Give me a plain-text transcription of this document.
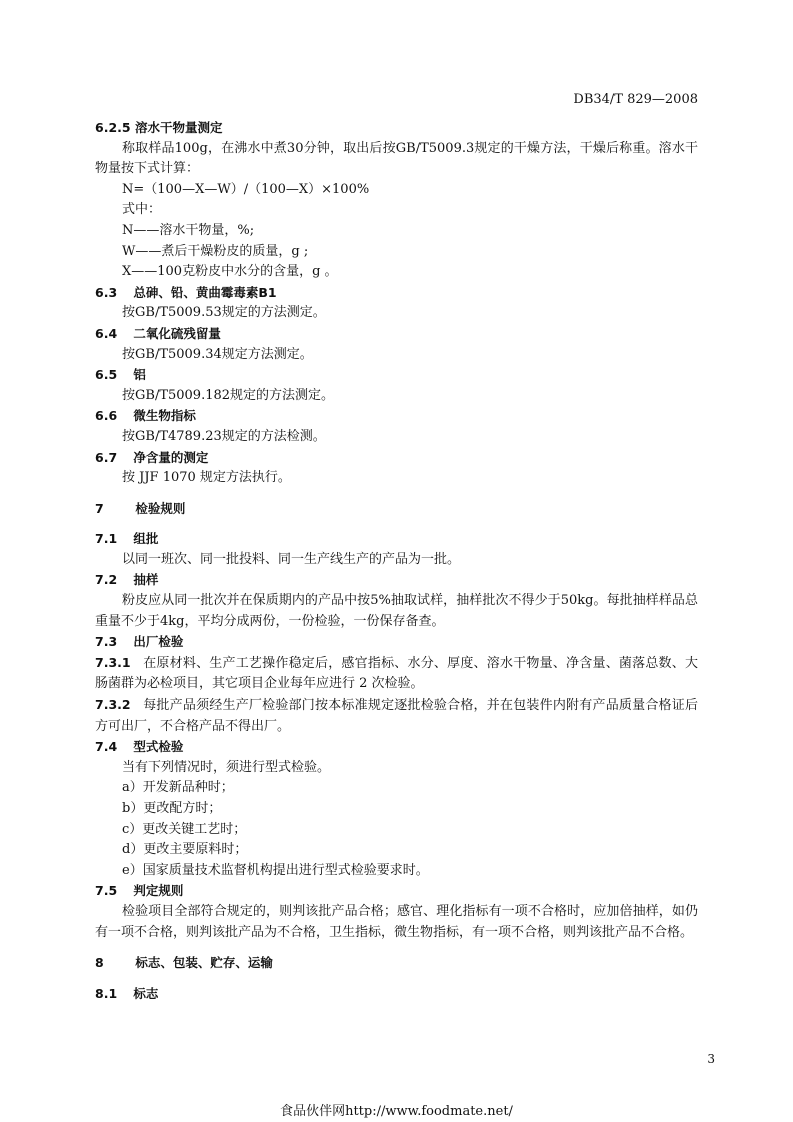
DB34/T 829—2008
6.2.5 溶水干物量测定
称取样品100g，在沸水中煮30分钟，取出后按GB/T5009.3规定的干燥方法，干燥后称重。溶水干物量按下式计算：
N=（100—X—W）/（100—X）×100%
式中：
N——溶水干物量，%;
W——煮后干燥粉皮的质量，g ;
X——100克粉皮中水分的含量，g 。
6.3 总砷、铅、黄曲霉毒素B1
按GB/T5009.53规定的方法测定。
6.4 二氧化硫残留量
按GB/T5009.34规定方法测定。
6.5 铝
按GB/T5009.182规定的方法测定。
6.6 微生物指标
按GB/T4789.23规定的方法检测。
6.7 净含量的测定
按 JJF 1070 规定方法执行。
7	检验规则
7.1 组批
以同一班次、同一批投料、同一生产线生产的产品为一批。
7.2 抽样
粉皮应从同一批次并在保质期内的产品中按5%抽取试样，抽样批次不得少于50kg。每批抽样样品总重量不少于4kg，平均分成两份，一份检验，一份保存备查。
7.3 出厂检验
7.3.1 在原材料、生产工艺操作稳定后，感官指标、水分、厚度、溶水干物量、净含量、菌落总数、大肠菌群为必检项目，其它项目企业每年应进行 2 次检验。
7.3.2 每批产品须经生产厂检验部门按本标准规定逐批检验合格，并在包装件内附有产品质量合格证后方可出厂，不合格产品不得出厂。
7.4 型式检验
当有下列情况时，须进行型式检验。
a）开发新品种时；
b）更改配方时；
c）更改关键工艺时；
d）更改主要原料时；
e）国家质量技术监督机构提出进行型式检验要求时。
7.5 判定规则
检验项目全部符合规定的，则判该批产品合格；感官、理化指标有一项不合格时，应加倍抽样，如仍有一项不合格，则判该批产品为不合格，卫生指标，微生物指标，有一项不合格，则判该批产品不合格。
8	标志、包装、贮存、运输
8.1 标志
3
食品伙伴网http://www.foodmate.net/
